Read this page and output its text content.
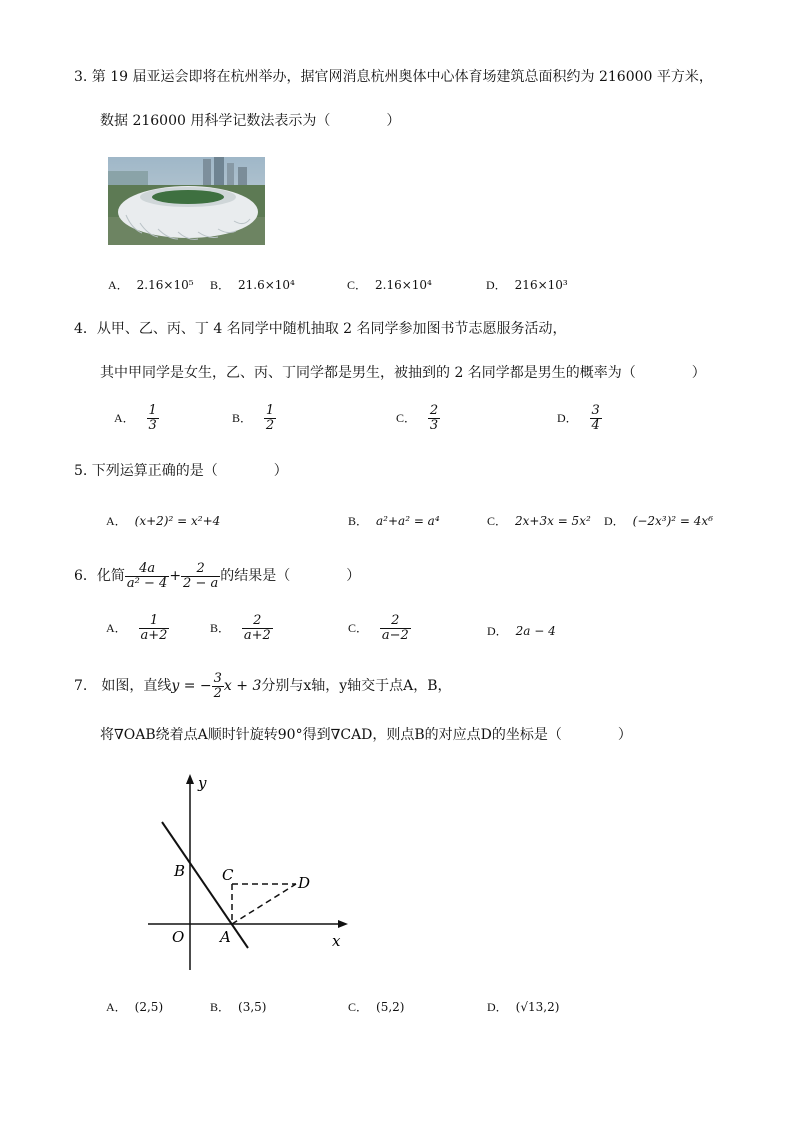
3. 第 19 届亚运会即将在杭州举办，据官网消息杭州奥体中心体育场建筑总面积约为 216000 平方米，
数据 216000 用科学记数法表示为（　　　　）
A． 2.16×10⁵ B． 21.6×10⁴	C． 2.16×10⁴	D． 216×10³
4．从甲、乙、丙、丁 4 名同学中随机抽取 2 名同学参加图书节志愿服务活动，
其中甲同学是女生，乙、丙、丁同学都是男生，被抽到的 2 名同学都是男生的概率为（　　　　）
A． $\frac{1}{3}$	B． $\frac{1}{2}$	C． $\frac{2}{3}$	D． $\frac{3}{4}$
5. 下列运算正确的是（　　　　）
A． (x+2)² = x²+4	B． a²+a² = a⁴	C． 2x+3x = 5x² D． (−2x³)² = 4x⁶
6．化简 $\frac{4a}{\text{a² − 4}} + \frac{2}{2 - a}$ 的结果是（　　　　）
A． $\frac{1}{a+2}$	B． $\frac{2}{a+2}$	C． $\frac{2}{a-2}$	D． 2a − 4
7.　如图，直线y = − $\frac{3}{2}$ x + 3分别与x轴，y轴交于点A，B，
将∇OAB绕着点A顺时针旋转90°得到∇CAD，则点B的对应点D的坐标是（　　　　）
y
x
O A
B C	D
A． (2,5)	B． (3,5)	C． (5,2)	D． (√13,2)
